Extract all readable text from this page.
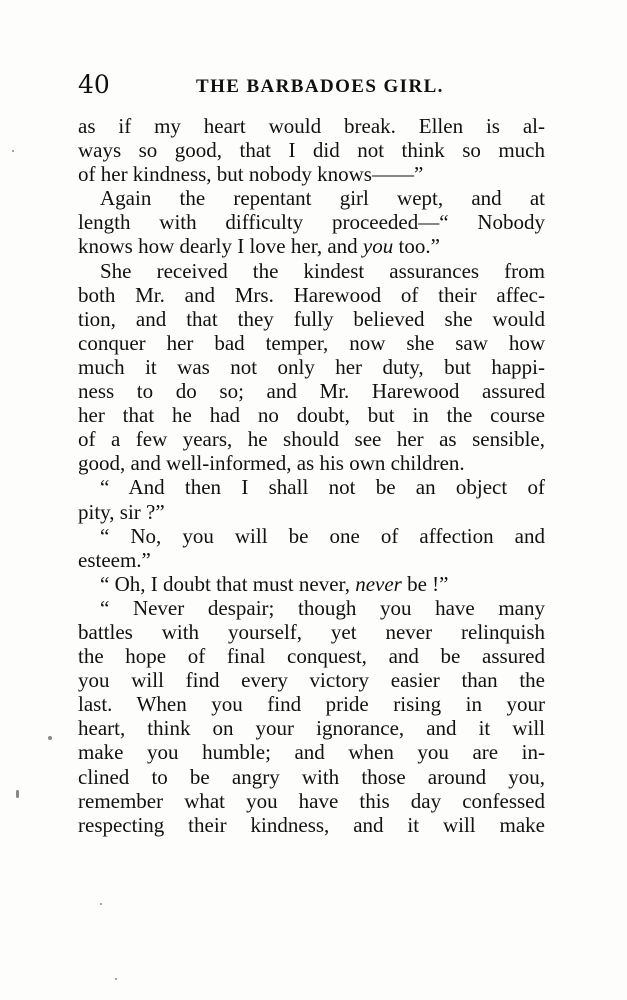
40	THE BARBADOES GIRL.
as if my heart would break. Ellen is al-
ways so good, that I did not think so much
of her kindness, but nobody knows——”
Again the repentant girl wept, and at
length with difficulty proceeded—“ Nobody
knows how dearly I love her, and you too.”
She received the kindest assurances from
both Mr. and Mrs. Harewood of their affec-
tion, and that they fully believed she would
conquer her bad temper, now she saw how
much it was not only her duty, but happi-
ness to do so; and Mr. Harewood assured
her that he had no doubt, but in the course
of a few years, he should see her as sensible,
good, and well-informed, as his own children.
“ And then I shall not be an object of
pity, sir ?”
“ No, you will be one of affection and
esteem.”
“ Oh, I doubt that must never, never be !”
“ Never despair; though you have many
battles with yourself, yet never relinquish
the hope of final conquest, and be assured
you will find every victory easier than the
last. When you find pride rising in your
heart, think on your ignorance, and it will
make you humble; and when you are in-
clined to be angry with those around you,
remember what you have this day confessed
respecting their kindness, and it will make
